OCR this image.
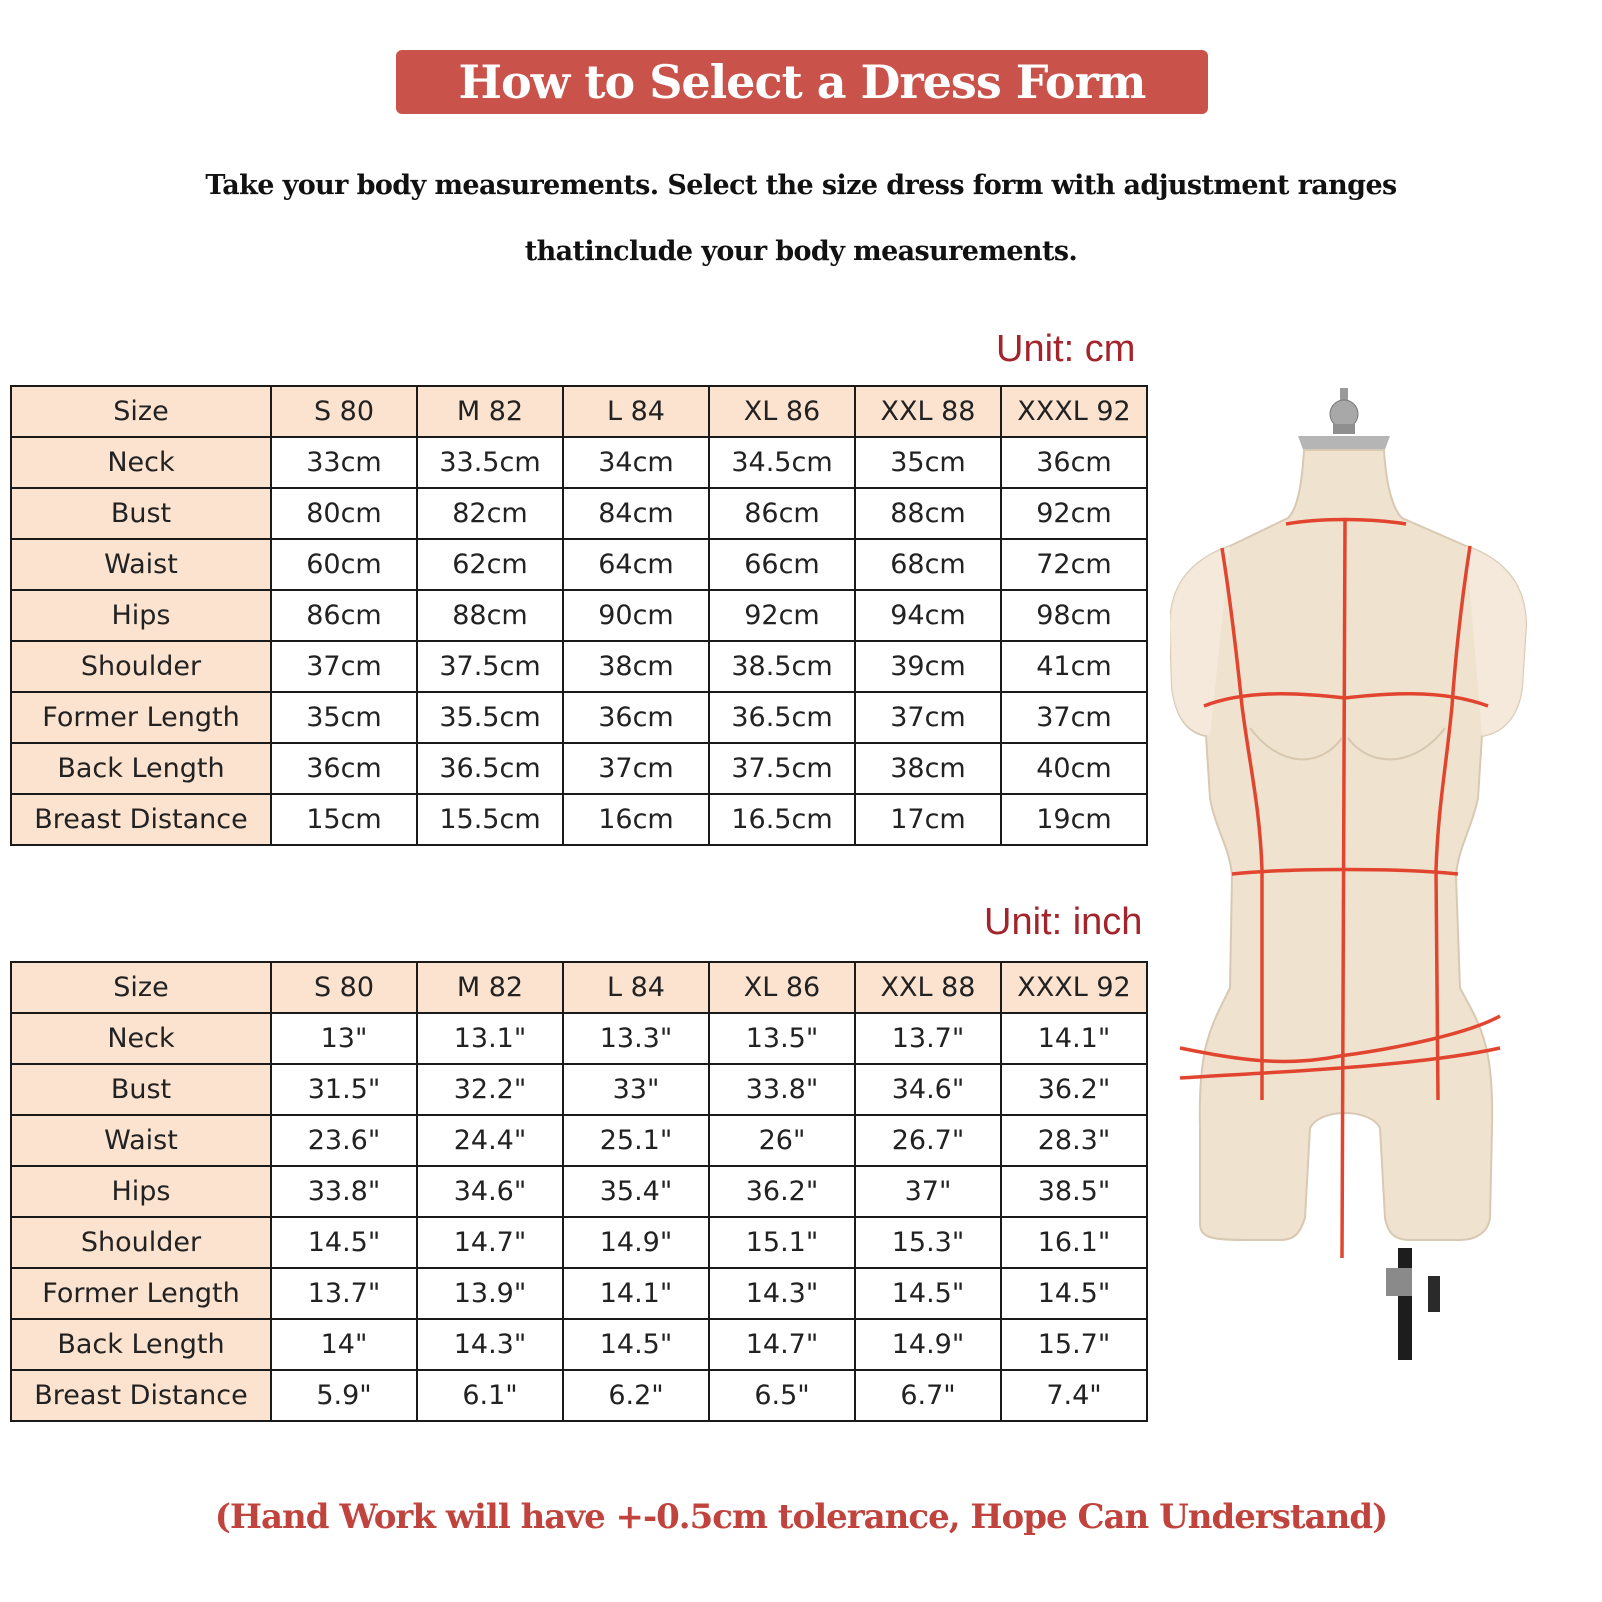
How to Select a Dress Form
Take your body measurements. Select the size dress form with adjustment ranges
thatinclude your body measurements.
Unit: cm
Size	S 80	M 82	L 84	XL 86	XXL 88	XXXL 92
Neck	33cm	33.5cm	34cm	34.5cm	35cm	36cm
Bust	80cm	82cm	84cm	86cm	88cm	92cm
Waist	60cm	62cm	64cm	66cm	68cm	72cm
Hips	86cm	88cm	90cm	92cm	94cm	98cm
Shoulder	37cm	37.5cm	38cm	38.5cm	39cm	41cm
Former Length	35cm	35.5cm	36cm	36.5cm	37cm	37cm
Back Length	36cm	36.5cm	37cm	37.5cm	38cm	40cm
Breast Distance	15cm	15.5cm	16cm	16.5cm	17cm	19cm
Unit: inch
Size	S 80	M 82	L 84	XL 86	XXL 88	XXXL 92
Neck	13"	13.1"	13.3"	13.5"	13.7"	14.1"
Bust	31.5"	32.2"	33"	33.8"	34.6"	36.2"
Waist	23.6"	24.4"	25.1"	26"	26.7"	28.3"
Hips	33.8"	34.6"	35.4"	36.2"	37"	38.5"
Shoulder	14.5"	14.7"	14.9"	15.1"	15.3"	16.1"
Former Length	13.7"	13.9"	14.1"	14.3"	14.5"	14.5"
Back Length	14"	14.3"	14.5"	14.7"	14.9"	15.7"
Breast Distance	5.9"	6.1"	6.2"	6.5"	6.7"	7.4"
(Hand Work will have +-0.5cm tolerance, Hope Can Understand)
